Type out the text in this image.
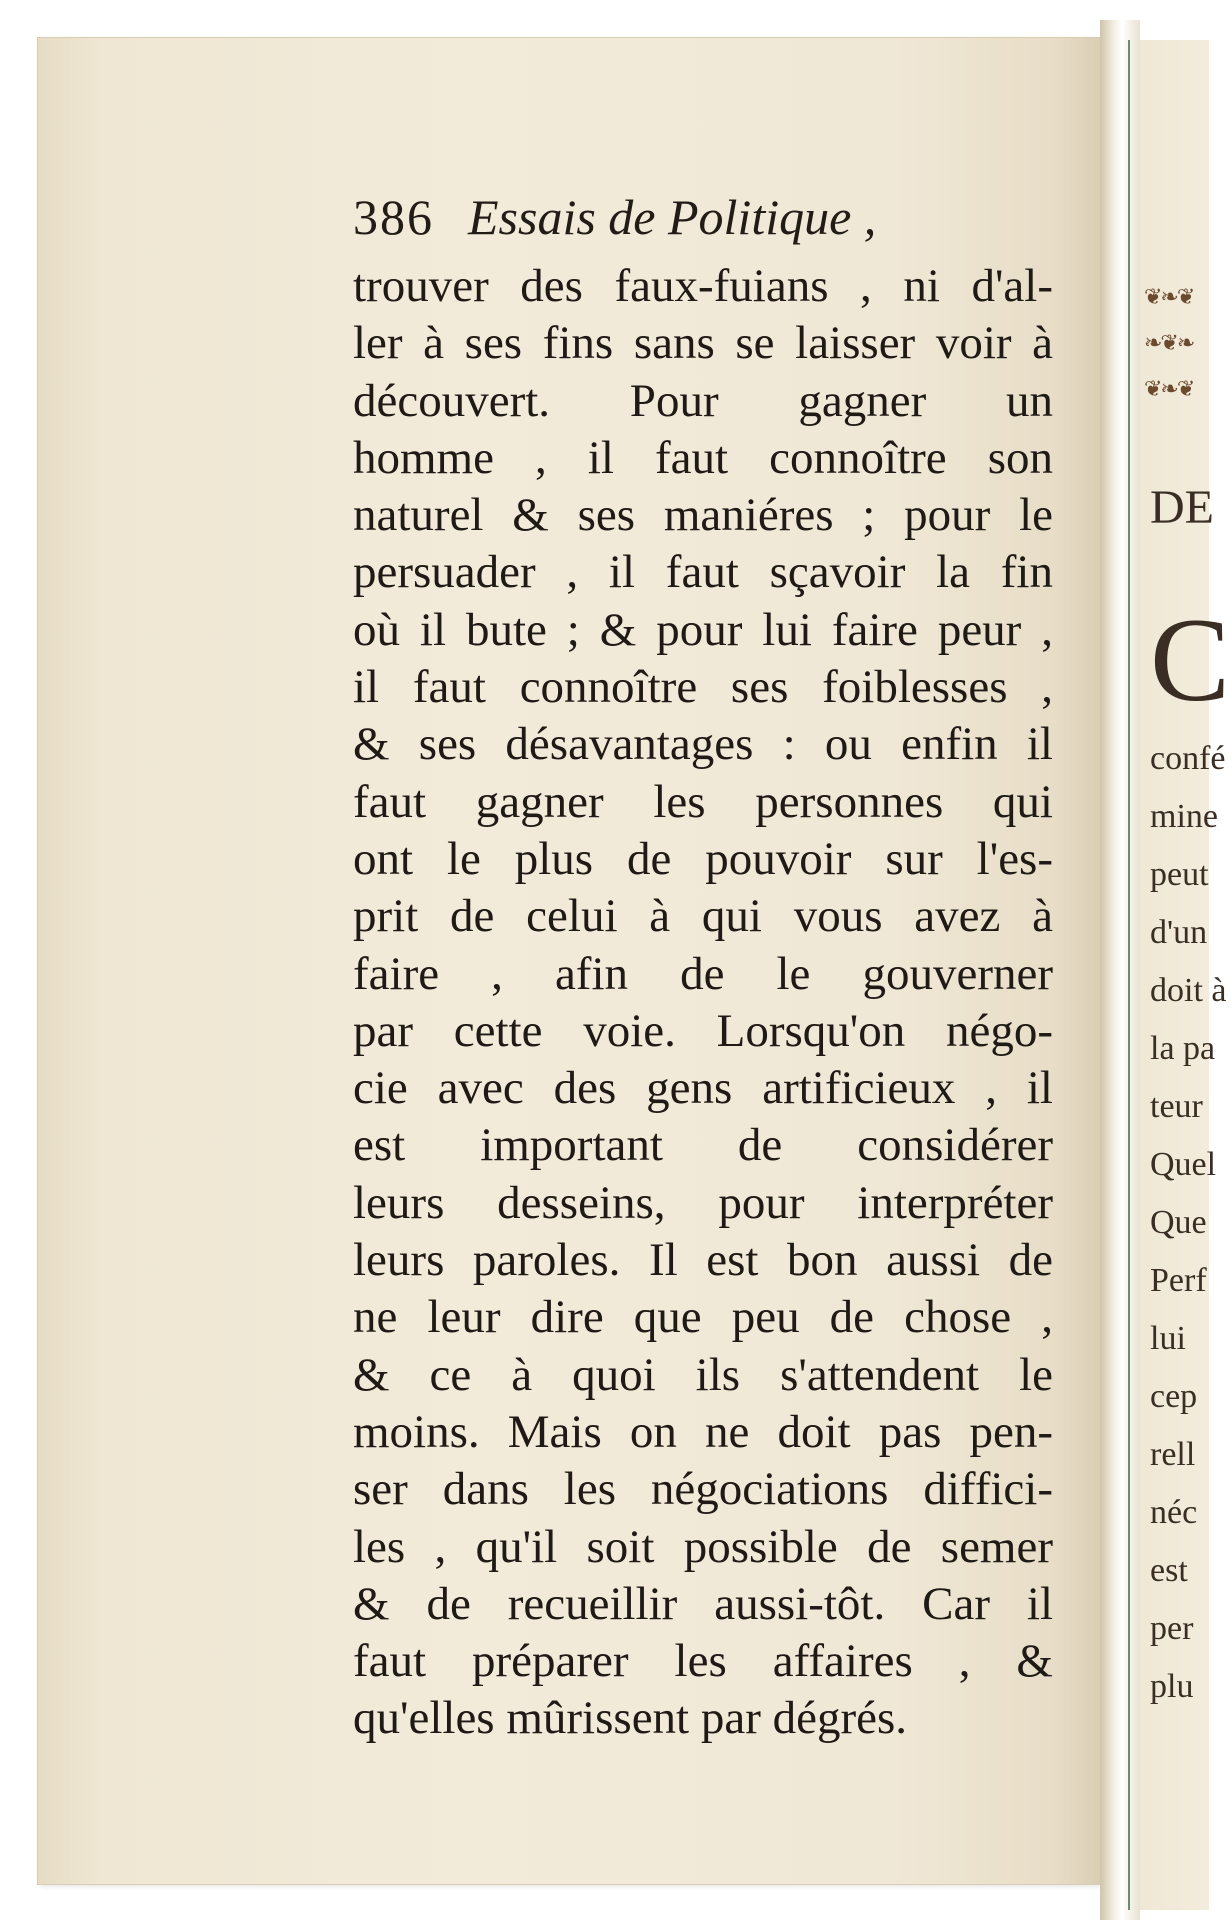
386 Essais de Politique ,
trouver des faux-fuians , ni d'al-
ler à ses fins sans se laisser voir à
découvert. Pour gagner un
homme , il faut connoître son
naturel & ses maniéres ; pour le
persuader , il faut sçavoir la fin
où il bute ; & pour lui faire peur ,
il faut connoître ses foiblesses ,
& ses désavantages : ou enfin il
faut gagner les personnes qui
ont le plus de pouvoir sur l'es-
prit de celui à qui vous avez à
faire , afin de le gouverner
par cette voie. Lorsqu'on négo-
cie avec des gens artificieux , il
est important de considérer
leurs desseins, pour interpréter
leurs paroles. Il est bon aussi de
ne leur dire que peu de chose ,
& ce à quoi ils s'attendent le
moins. Mais on ne doit pas pen-
ser dans les négociations diffici-
les , qu'il soit possible de semer
& de recueillir aussi-tôt. Car il
faut préparer les affaires , &
qu'elles mûrissent par dégrés.
❦❧❦
❧❦❧
❦❧❦
DE
C
confé
mine
peut
d'un
doit à
la pa
teur
Quel
Que
Perf
lui
cep
rell
néc
est
per
plu
